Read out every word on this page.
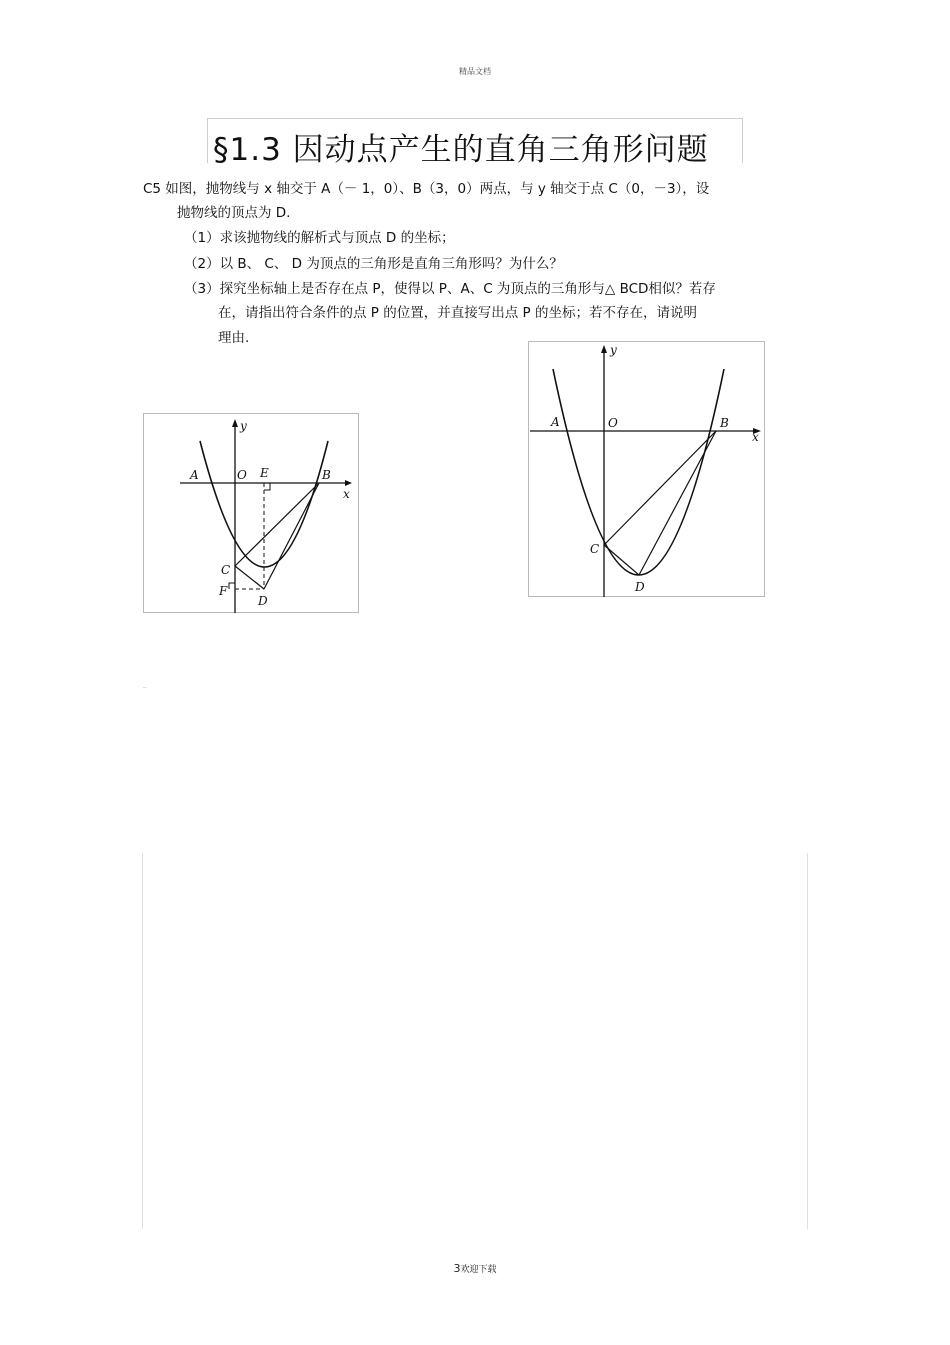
精品文档
§1.3 因动点产生的直角三角形问题
C5 如图，抛物线与 x 轴交于 A（－ 1，0）、B（3，0）两点，与 y 轴交于点 C（0，－3），设
抛物线的顶点为 D.
（1）求该抛物线的解析式与顶点 D 的坐标；
（2）以 B、 C、 D 为顶点的三角形是直角三角形吗？为什么？
（3）探究坐标轴上是否存在点 P，使得以 P、A、C 为顶点的三角形与△ BCD相似？若存
在，请指出符合条件的点 P 的位置，并直接写出点 P 的坐标；若不存在，请说明
理由.
y
x
A	O E	B
C
F
D
y
x
A	O	B
C
D
..
3欢迎下载
